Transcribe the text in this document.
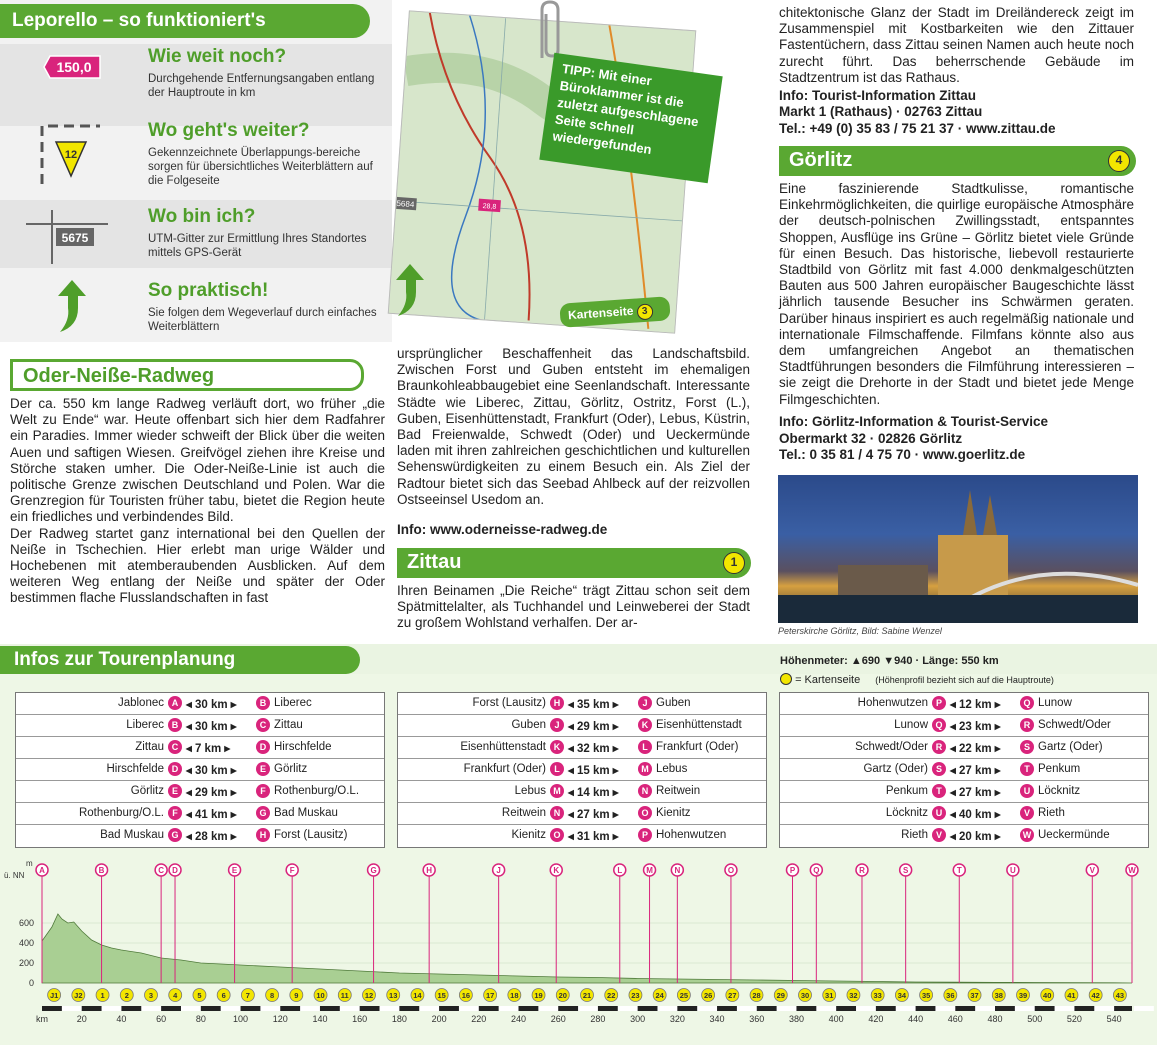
Leporello – so funktioniert's
150,0	Wie weit noch?

Durchgehende Entfernungsangaben entlang der Hauptroute in km

12
Wo geht's weiter?

Gekennzeichnete Überlappungs-bereiche sorgen für übersichtliches Weiterblättern auf die Folgeseite

5675
Wo bin ich?

UTM-Gitter zur Ermittlung Ihres Standortes mittels GPS-Gerät

So praktisch!

Sie folgen dem Wegeverlauf durch einfaches Weiterblättern

5684	28,8
TIPP: Mit einer Büroklammer ist die zuletzt aufgeschlagene Seite schnell wiedergefunden
Kartenseite 3
Oder-Neiße-Radweg
Der ca. 550 km lange Radweg verläuft dort, wo früher „die Welt zu Ende“ war. Heute offenbart sich hier dem Radfahrer ein Paradies. Immer wieder schweift der Blick über die weiten Auen und saftigen Wiesen. Greifvögel ziehen ihre Kreise und Störche staken umher. Die Oder-Neiße-Linie ist auch die politische Grenze zwischen Deutschland und Polen. War die Grenzregion für Touristen früher tabu, bietet die Region heute ein friedliches und verbindendes Bild.
Der Radweg startet ganz international bei den Quellen der Neiße in Tschechien. Hier erlebt man urige Wälder und Hochebenen mit atemberaubenden Ausblicken. Auf dem weiteren Weg entlang der Neiße und später der Oder bestimmen flache Flusslandschaften in fast
ursprünglicher Beschaffenheit das Landschaftsbild. Zwischen Forst und Guben entsteht im ehemaligen Braunkohleabbaugebiet eine Seenlandschaft. Interessante Städte wie Liberec, Zittau, Görlitz, Ostritz, Forst (L.), Guben, Eisenhüttenstadt, Frankfurt (Oder), Lebus, Küstrin, Bad Freienwalde, Schwedt (Oder) und Ueckermünde laden mit ihren zahlreichen geschichtlichen und kulturellen Sehenswürdigkeiten zu einem Besuch ein. Als Ziel der Radtour bietet sich das Seebad Ahlbeck auf der reizvollen Ostseeinsel Usedom an.
Info: www.oderneisse-radweg.de
Zittau	1
Ihren Beinamen „Die Reiche“ trägt Zittau schon seit dem Spätmittelalter, als Tuchhandel und Leinweberei der Stadt zu großem Wohlstand verhalfen. Der ar-
chitektonische Glanz der Stadt im Dreiländereck zeigt im Zusammenspiel mit Kostbarkeiten wie den Zittauer Fastentüchern, dass Zittau seinen Namen auch heute noch zurecht führt. Das beherrschende Gebäude im Stadtzentrum ist das Rathaus.
Info: Tourist-Information Zittau
Markt 1 (Rathaus) · 02763 Zittau
Tel.: +49 (0) 35 83 / 75 21 37 · www.zittau.de
Görlitz	4
Eine faszinierende Stadtkulisse, romantische Einkehrmöglichkeiten, die quirlige europäische Atmosphäre der deutsch-polnischen Zwillingsstadt, entspanntes Shoppen, Ausflüge ins Grüne – Görlitz bietet viele Gründe für einen Besuch. Das historische, liebevoll restaurierte Stadtbild von Görlitz mit fast 4.000 denkmalgeschützten Bauten aus 500 Jahren europäischer Baugeschichte lässt jährlich tausende Besucher ins Schwärmen geraten. Darüber hinaus inspiriert es auch regelmäßig nationale und internationale Filmschaffende. Filmfans könnte also aus dem umfangreichen Angebot an thematischen Stadtführungen besonders die Filmführung interessieren – sie zeigt die Drehorte in der Stadt und bietet jede Menge Filmgeschichten.
Info: Görlitz-Information & Tourist-Service
Obermarkt 32 · 02826 Görlitz
Tel.: 0 35 81 / 4 75 70 · www.goerlitz.de
Peterskirche Görlitz, Bild: Sabine Wenzel
Infos zur Tourenplanung	Höhenmeter: ▲690 ▼940 · Länge: 550 km
= Kartenseite (Höhenprofil bezieht sich auf die Hauptroute)
Jablonec A ◂ 30 km ▸	B Liberec
Liberec B ◂ 30 km ▸	C Zittau
Zittau C ◂ 7 km ▸	D Hirschfelde
Hirschfelde D ◂ 30 km ▸	E Görlitz
Görlitz E ◂ 29 km ▸	F Rothenburg/O.L.
Rothenburg/O.L. F ◂ 41 km ▸	G Bad Muskau
Bad Muskau G ◂ 28 km ▸	H Forst (Lausitz)
Forst (Lausitz) H ◂ 35 km ▸	J Guben
Guben J ◂ 29 km ▸	K Eisenhüttenstadt
Eisenhüttenstadt K ◂ 32 km ▸	L Frankfurt (Oder)
Frankfurt (Oder) L ◂ 15 km ▸	M Lebus
Lebus M ◂ 14 km ▸	N Reitwein
Reitwein N ◂ 27 km ▸	O Kienitz
Kienitz O ◂ 31 km ▸	P Hohenwutzen
Hohenwutzen P ◂ 12 km ▸	Q Lunow
Lunow Q ◂ 23 km ▸	R Schwedt/Oder
Schwedt/Oder R ◂ 22 km ▸	S Gartz (Oder)
Gartz (Oder) S ◂ 27 km ▸	T Penkum
Penkum T ◂ 27 km ▸	U Löcknitz
Löcknitz U ◂ 40 km ▸	V Rieth
Rieth V ◂ 20 km ▸	W Ueckermünde
m
ü. NN
600
400
200
0
A	B	C D	E	F	G	H	J	K	L	M	N	O	P Q	R	S	T	U	V	W
J1 J2 1	2	3	4	5	6	7	8	9 10 11 12 13 14 15 16 17 18 19 20 21 22 23 24 25 26 27 28 29 30 31 32 33 34 35 36 37 38 39 40 41 42 43
km	20	40	60	80	100	120	140	160	180	200	220	240	260	280	300	320	340	360	380	400	420	440	460	480	500	520	540
